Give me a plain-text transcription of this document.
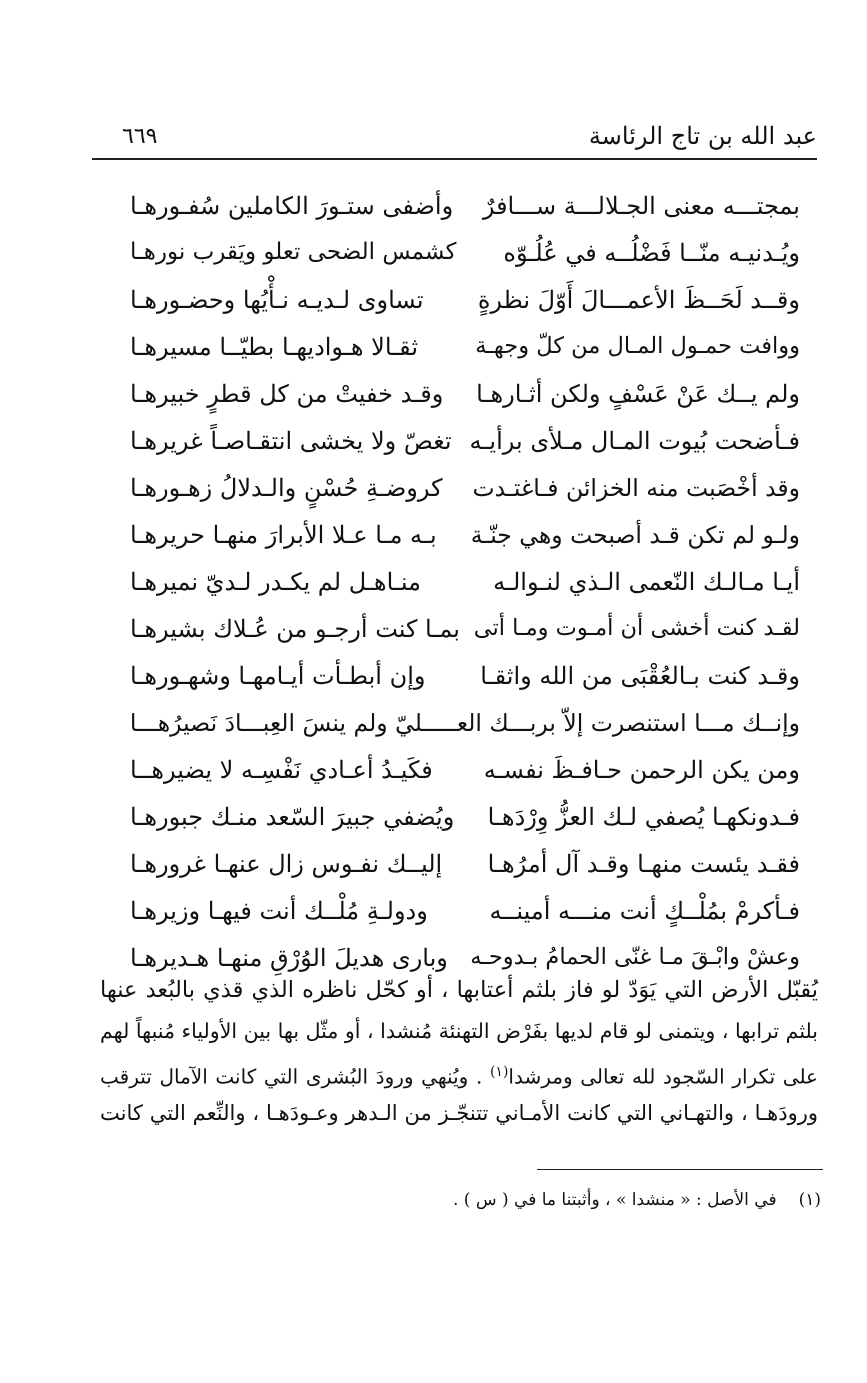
عبد الله بن تاج الرئاسة
٦٦٩
بمجتـــه معنى الجـلالـــة ســـافرٌ
وأضفى ستـورَ الكاملين سُفـورهـا
ويُـدنيـه منّــا فَضْلُــه في عُلُـوّه
كشمس الضحى تعلو ويَقرب نورهـا
وقــد لَحَــظَ الأعمـــالَ أَوّلَ نظرةٍ
تساوى لـديـه نـأْيُها وحضـورهـا
ووافت حمـول المـال من كلّ وجهـة
ثقـالا هـواديهـا بطيّــا مسيرهـا
ولم يــك عَنْ عَسْفٍ ولكن أثـارهـا
وقـد خفيتْ من كل قطرٍ خبيرهـا
فـأضحت بُيوت المـال مـلأى برأيـه
تغصّ ولا يخشى انتقـاصـاً غريرهـا
وقد أخْصَبت منه الخزائن فـاغتـدت
كروضـةِ حُسْنٍ والـدلالُ زهـورهـا
ولـو لم تكن قـد أصبحت وهي جنّـة
بـه مـا عـلا الأبرارَ منهـا حريرهـا
أيـا مـالـك النّعمى الـذي لنـوالـه
منـاهـل لم يكـدر لـديّ نميرهـا
لقـد كنت أخشى أن أمـوت ومـا أتى
بمـا كنت أرجـو من عُـلاك بشيرهـا
وقـد كنت بـالعُقْبَى من الله واثقـا
وإن أبطـأت أيـامهـا وشهـورهـا
وإنــك مـــا استنصرت إلاّ بربـــك العـــــليّ ولم ينسَ العِبـــادَ نَصيرُهـــا
ومن يكن الرحمن حـافـظَ نفسـه
فكَيـدُ أعـادي نَفْسِـه لا يضيرهــا
فـدونكهـا يُصفي لـك العزُّ وِرْدَهـا
ويُضفي جبيرَ السّعد منـك جبورهـا
فقـد يئست منهـا وقـد آل أمرُهـا
إليــك نفـوس زال عنهـا غرورهـا
فـأكرمْ بمُلْــكٍ أنت منـــه أمينــه
ودولـةِ مُلْــك أنت فيهـا وزيرهـا
وعشْ وابْـقَ مـا غنّى الحمامُ بـدوحـه
وبارى هديلَ الوُرْقِ منهـا هـديرهـا
يُقبّل الأرض التي يَوَدّ لو فاز بلثم أعتابها ، أو كحّل ناظره الذي قذي بالبُعد عنها
بلثم ترابها ، ويتمنى لو قام لديها بفَرْض التهنئة مُنشدا ، أو مثّل بها بين الأولياء مُنبهاً لهم
على تكرار السّجود لله تعالى ومرشدا$^{(١)}$ . ويُنهي ورودَ البُشرى التي كانت الآمال تترقب
ورودَهـا ، والتهـاني التي كانت الأمـاني تتنجّـز من الـدهر وعـودَهـا ، والنِّعم التي كانت
(١)في الأصل : « منشدا » ، وأثبتنا ما في ( س ) .
